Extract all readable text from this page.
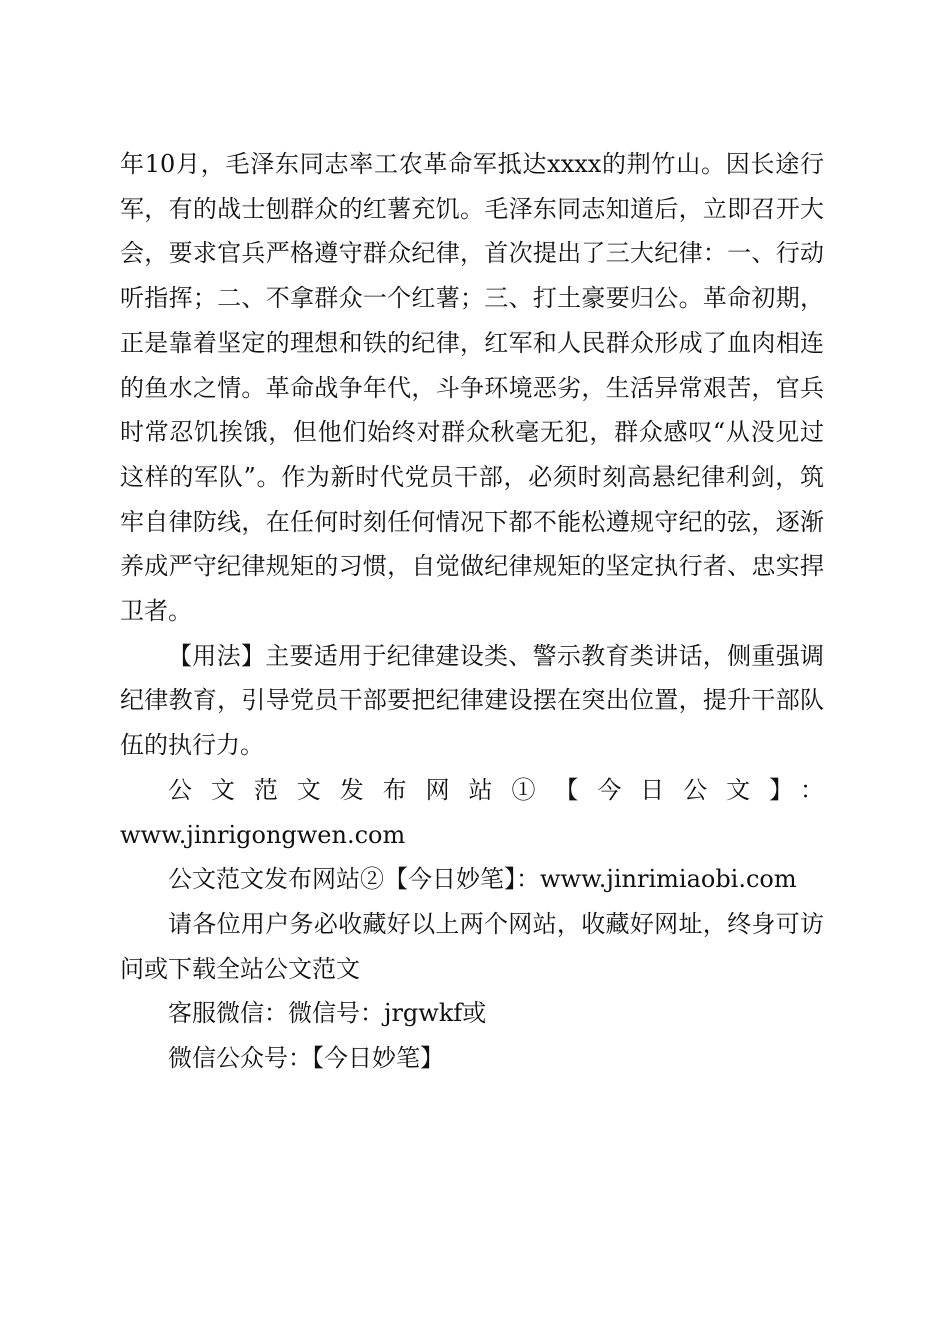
年10月，毛泽东同志率工农革命军抵达xxxx的荆竹山。因长途行军，有的战士刨群众的红薯充饥。毛泽东同志知道后，立即召开大会，要求官兵严格遵守群众纪律，首次提出了三大纪律：一、行动听指挥；二、不拿群众一个红薯；三、打土豪要归公。革命初期，正是靠着坚定的理想和铁的纪律，红军和人民群众形成了血肉相连的鱼水之情。革命战争年代，斗争环境恶劣，生活异常艰苦，官兵时常忍饥挨饿，但他们始终对群众秋毫无犯，群众感叹“从没见过这样的军队”。作为新时代党员干部，必须时刻高悬纪律利剑，筑牢自律防线，在任何时刻任何情况下都不能松遵规守纪的弦，逐渐养成严守纪律规矩的习惯，自觉做纪律规矩的坚定执行者、忠实捍卫者。

【用法】主要适用于纪律建设类、警示教育类讲话，侧重强调纪律教育，引导党员干部要把纪律建设摆在突出位置，提升干部队伍的执行力。

公文范文发布网站①【今日公文】：

www.jinrigongwen.com

公文范文发布网站②【今日妙笔】：www.jinrimiaobi.com

请各位用户务必收藏好以上两个网站，收藏好网址，终身可访问或下载全站公文范文

客服微信：微信号：jrgwkf或

微信公众号：【今日妙笔】
